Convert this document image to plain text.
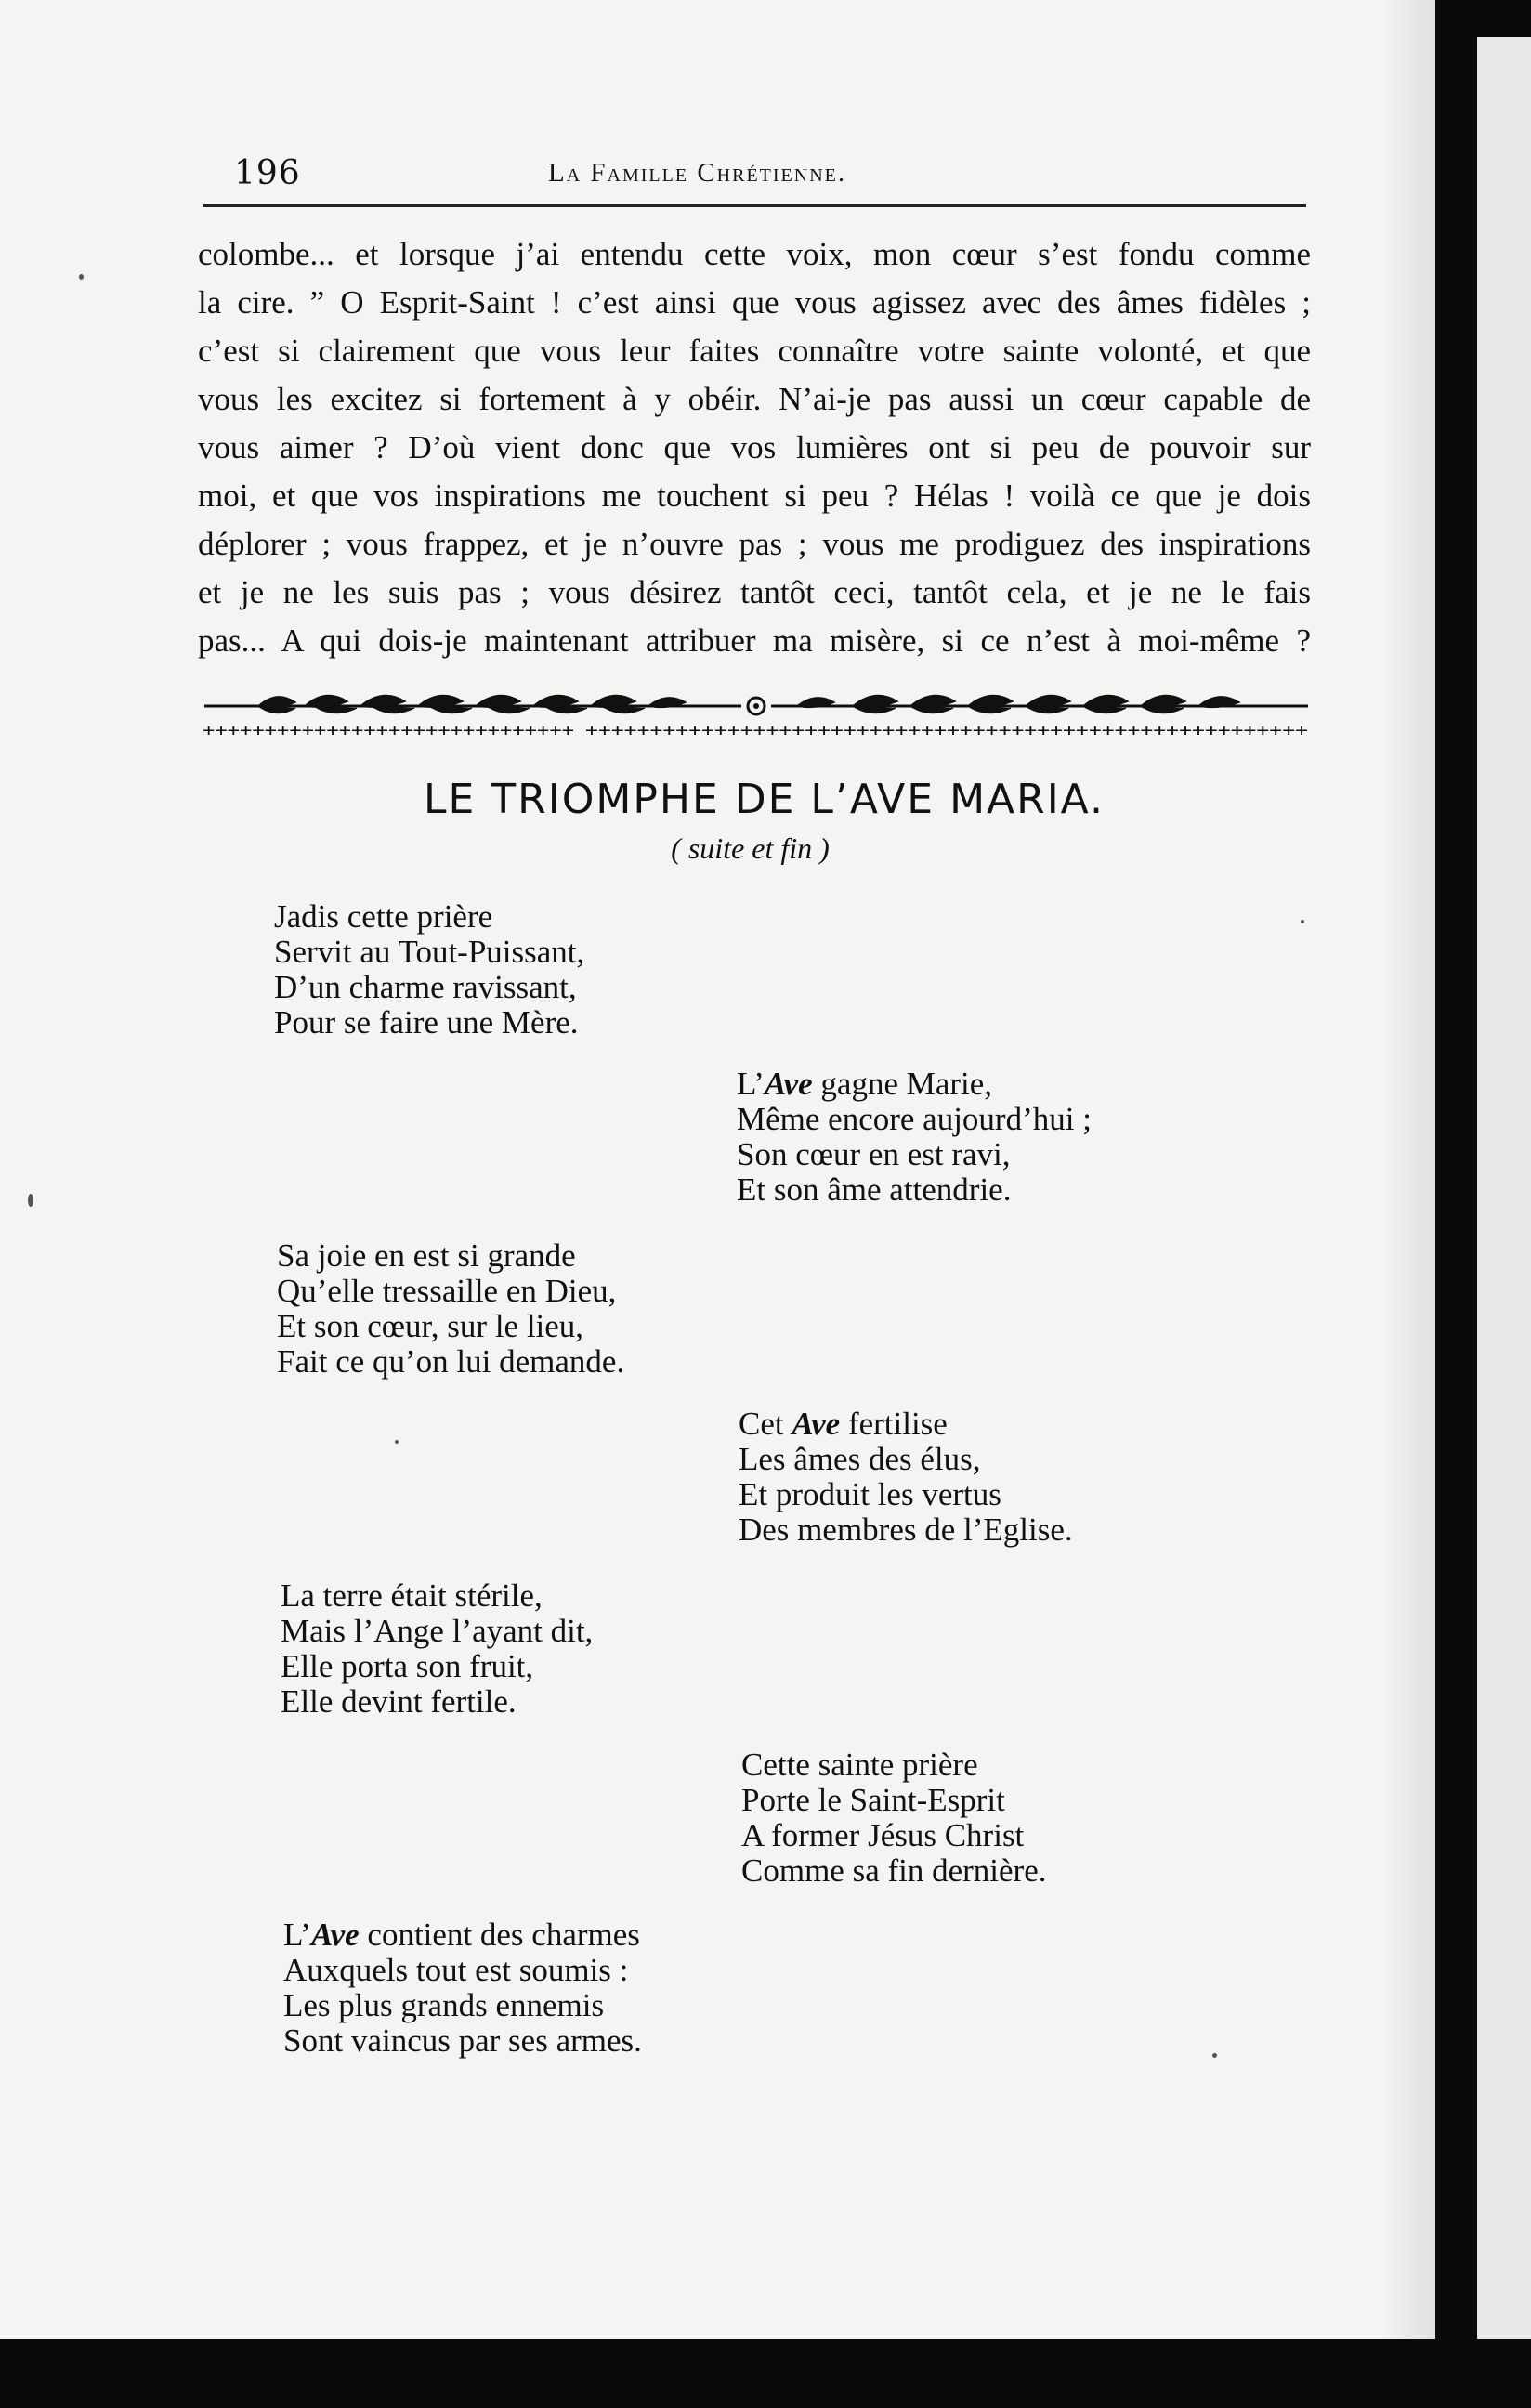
196	La Famille Chrétienne.
colombe... et lorsque j’ai entendu cette voix, mon cœur s’est fondu comme
la cire. ” O Esprit-Saint ! c’est ainsi que vous agissez avec des âmes fidèles ;
c’est si clairement que vous leur faites connaître votre sainte volonté, et que
vous les excitez si fortement à y obéir. N’ai-je pas aussi un cœur capable de
vous aimer ? D’où vient donc que vos lumières ont si peu de pouvoir sur
moi, et que vos inspirations me touchent si peu ? Hélas ! voilà ce que je dois
déplorer ; vous frappez, et je n’ouvre pas ; vous me prodiguez des inspirations
et je ne les suis pas ; vous désirez tantôt ceci, tantôt cela, et je ne le fais
pas... A qui dois-je maintenant attribuer ma misère, si ce n’est à moi-même ?
++++++++++++++++++++++++++++++ ++++++++++++++++++++++++++++++++++++++++++++++++++++++++
LE TRIOMPHE DE L’AVE MARIA.
( suite et fin )
Jadis cette prière
Servit au Tout-Puissant,
D’un charme ravissant,
Pour se faire une Mère.
L’Ave gagne Marie,
Même encore aujourd’hui ;
Son cœur en est ravi,
Et son âme attendrie.
Sa joie en est si grande
Qu’elle tressaille en Dieu,
Et son cœur, sur le lieu,
Fait ce qu’on lui demande.
Cet Ave fertilise
Les âmes des élus,
Et produit les vertus
Des membres de l’Eglise.
La terre était stérile,
Mais l’Ange l’ayant dit,
Elle porta son fruit,
Elle devint fertile.
Cette sainte prière
Porte le Saint-Esprit
A former Jésus Christ
Comme sa fin dernière.
L’Ave contient des charmes
Auxquels tout est soumis :
Les plus grands ennemis
Sont vaincus par ses armes.
